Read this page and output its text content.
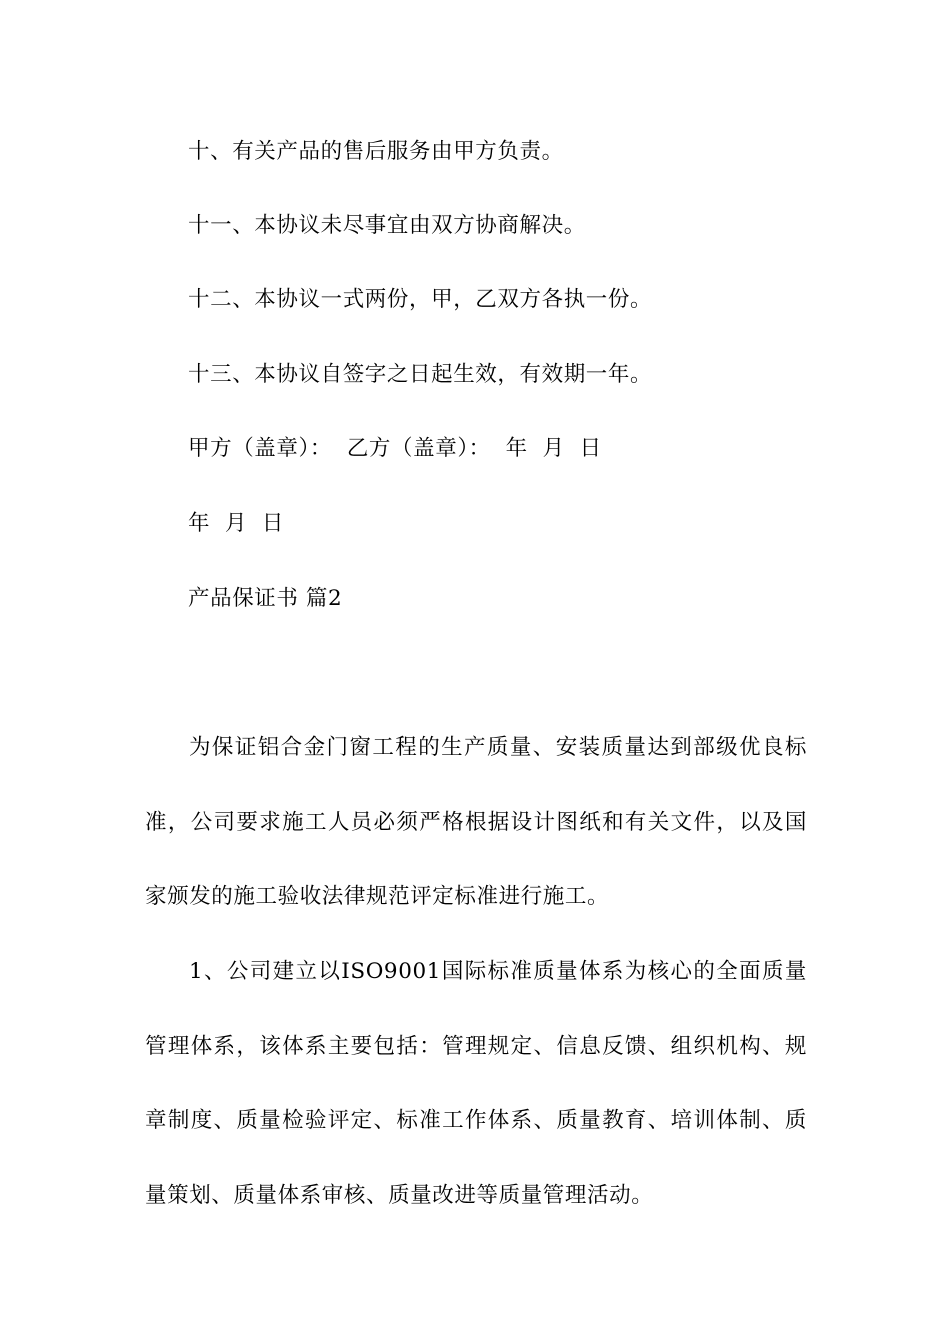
十、有关产品的售后服务由甲方负责。
十一、本协议未尽事宜由双方协商解决。
十二、本协议一式两份，甲，乙双方各执一份。
十三、本协议自签字之日起生效，有效期一年。
甲方（盖章）：  乙方（盖章）：  年  月  日
年  月  日
产品保证书 篇2

为保证铝合金门窗工程的生产质量、安装质量达到部级优良标准，公司要求施工人员必须严格根据设计图纸和有关文件，以及国家颁发的施工验收法律规范评定标准进行施工。

1、公司建立以ISO9001国际标准质量体系为核心的全面质量管理体系，该体系主要包括：管理规定、信息反馈、组织机构、规章制度、质量检验评定、标准工作体系、质量教育、培训体制、质量策划、质量体系审核、质量改进等质量管理活动。
